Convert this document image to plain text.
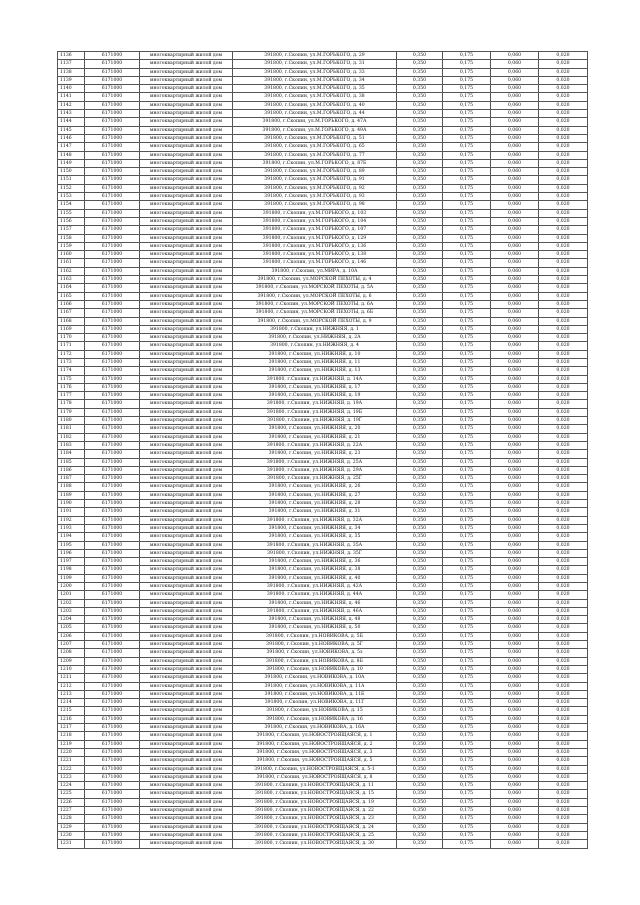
1136	6171000	многоквартирный жилой дом	391800, г.Скопин, ул.М.ГОРЬКОГО, д. 29	0,350	0,175	0,060	0,020
1137	6171000	многоквартирный жилой дом	391800, г.Скопин, ул.М.ГОРЬКОГО, д. 31	0,350	0,175	0,060	0,020
1138	6171000	многоквартирный жилой дом	391800, г.Скопин, ул.М.ГОРЬКОГО, д. 33	0,350	0,175	0,060	0,020
1139	6171000	многоквартирный жилой дом	391800, г.Скопин, ул.М.ГОРЬКОГО, д. 34	0,350	0,175	0,060	0,020
1140	6171000	многоквартирный жилой дом	391800, г.Скопин, ул.М.ГОРЬКОГО, д. 35	0,350	0,175	0,060	0,020
1141	6171000	многоквартирный жилой дом	391800, г.Скопин, ул.М.ГОРЬКОГО, д. 38	0,350	0,175	0,060	0,020
1142	6171000	многоквартирный жилой дом	391800, г.Скопин, ул.М.ГОРЬКОГО, д. 40	0,350	0,175	0,060	0,020
1143	6171000	многоквартирный жилой дом	391800, г.Скопин, ул.М.ГОРЬКОГО, д. 44	0,350	0,175	0,060	0,020
1144	6171000	многоквартирный жилой дом	391800, г.Скопин, ул.М.ГОРЬКОГО, д. 47А	0,350	0,175	0,060	0,020
1145	6171000	многоквартирный жилой дом	391800, г.Скопин, ул.М.ГОРЬКОГО, д. 49А	0,350	0,175	0,060	0,020
1146	6171000	многоквартирный жилой дом	391800, г.Скопин, ул.М.ГОРЬКОГО, д. 51	0,350	0,175	0,060	0,020
1147	6171000	многоквартирный жилой дом	391800, г.Скопин, ул.М.ГОРЬКОГО, д. 65	0,350	0,175	0,060	0,020
1148	6171000	многоквартирный жилой дом	391800, г.Скопин, ул.М.ГОРЬКОГО, д. 77	0,350	0,175	0,060	0,020
1149	6171000	многоквартирный жилой дом	391800, г.Скопин, ул.М.ГОРЬКОГО, д. 87Б	0,350	0,175	0,060	0,020
1150	6171000	многоквартирный жилой дом	391800, г.Скопин, ул.М.ГОРЬКОГО, д. 89	0,350	0,175	0,060	0,020
1151	6171000	многоквартирный жилой дом	391800, г.Скопин, ул.М.ГОРЬКОГО, д. 91	0,350	0,175	0,060	0,020
1152	6171000	многоквартирный жилой дом	391800, г.Скопин, ул.М.ГОРЬКОГО, д. 92	0,350	0,175	0,060	0,020
1153	6171000	многоквартирный жилой дом	391800, г.Скопин, ул.М.ГОРЬКОГО, д. 93	0,350	0,175	0,060	0,020
1154	6171000	многоквартирный жилой дом	391800, г.Скопин, ул.М.ГОРЬКОГО, д. 98	0,350	0,175	0,060	0,020
1155	6171000	многоквартирный жилой дом	391800, г.Скопин, ул.М.ГОРЬКОГО, д. 103	0,350	0,175	0,060	0,020
1156	6171000	многоквартирный жилой дом	391800, г.Скопин, ул.М.ГОРЬКОГО, д. 104	0,350	0,175	0,060	0,020
1157	6171000	многоквартирный жилой дом	391800, г.Скопин, ул.М.ГОРЬКОГО, д. 107	0,350	0,175	0,060	0,020
1158	6171000	многоквартирный жилой дом	391800, г.Скопин, ул.М.ГОРЬКОГО, д. 129	0,350	0,175	0,060	0,020
1159	6171000	многоквартирный жилой дом	391800, г.Скопин, ул.М.ГОРЬКОГО, д. 136	0,350	0,175	0,060	0,020
1160	6171000	многоквартирный жилой дом	391800, г.Скопин, ул.М.ГОРЬКОГО, д. 138	0,350	0,175	0,060	0,020
1161	6171000	многоквартирный жилой дом	391800, г.Скопин, ул.М.ГОРЬКОГО, д. 146	0,350	0,175	0,060	0,020
1162	6171000	многоквартирный жилой дом	391800, г.Скопин, ул.МИРА, д. 10А	0,350	0,175	0,060	0,020
1163	6171000	многоквартирный жилой дом	391800, г.Скопин, ул.МОРСКОЙ ПЕХОТЫ, д. 4	0,350	0,175	0,060	0,020
1164	6171000	многоквартирный жилой дом	391800, г.Скопин, ул.МОРСКОЙ ПЕХОТЫ, д. 5А	0,350	0,175	0,060	0,020
1165	6171000	многоквартирный жилой дом	391800, г.Скопин, ул.МОРСКОЙ ПЕХОТЫ, д. 6	0,350	0,175	0,060	0,020
1166	6171000	многоквартирный жилой дом	391800, г.Скопин, ул.МОРСКОЙ ПЕХОТЫ, д. 6А	0,350	0,175	0,060	0,020
1167	6171000	многоквартирный жилой дом	391800, г.Скопин, ул.МОРСКОЙ ПЕХОТЫ, д. 6Б	0,350	0,175	0,060	0,020
1168	6171000	многоквартирный жилой дом	391800, г.Скопин, ул.МОРСКОЙ ПЕХОТЫ, д. 9	0,350	0,175	0,060	0,020
1169	6171000	многоквартирный жилой дом	391800, г.Скопин, ул.НИЖНЯЯ, д. 1	0,350	0,175	0,060	0,020
1170	6171000	многоквартирный жилой дом	391800, г.Скопин, ул.НИЖНЯЯ, д. 2А	0,350	0,175	0,060	0,020
1171	6171000	многоквартирный жилой дом	391800, г.Скопин, ул.НИЖНЯЯ, д. 4	0,350	0,175	0,060	0,020
1172	6171000	многоквартирный жилой дом	391800, г.Скопин, ул.НИЖНЯЯ, д. 10	0,350	0,175	0,060	0,020
1173	6171000	многоквартирный жилой дом	391800, г.Скопин, ул.НИЖНЯЯ, д. 11	0,350	0,175	0,060	0,020
1174	6171000	многоквартирный жилой дом	391800, г.Скопин, ул.НИЖНЯЯ, д. 13	0,350	0,175	0,060	0,020
1175	6171000	многоквартирный жилой дом	391800, г.Скопин, ул.НИЖНЯЯ, д. 14А	0,350	0,175	0,060	0,020
1176	6171000	многоквартирный жилой дом	391800, г.Скопин, ул.НИЖНЯЯ, д. 17	0,350	0,175	0,060	0,020
1177	6171000	многоквартирный жилой дом	391800, г.Скопин, ул.НИЖНЯЯ, д. 19	0,350	0,175	0,060	0,020
1178	6171000	многоквартирный жилой дом	391800, г.Скопин, ул.НИЖНЯЯ, д. 19А	0,350	0,175	0,060	0,020
1179	6171000	многоквартирный жилой дом	391800, г.Скопин, ул.НИЖНЯЯ, д. 19Б	0,350	0,175	0,060	0,020
1180	6171000	многоквартирный жилой дом	391800, г.Скопин, ул.НИЖНЯЯ, д. 19Г	0,350	0,175	0,060	0,020
1181	6171000	многоквартирный жилой дом	391800, г.Скопин, ул.НИЖНЯЯ, д. 20	0,350	0,175	0,060	0,020
1182	6171000	многоквартирный жилой дом	391800, г.Скопин, ул.НИЖНЯЯ, д. 21	0,350	0,175	0,060	0,020
1183	6171000	многоквартирный жилой дом	391800, г.Скопин, ул.НИЖНЯЯ, д. 22А	0,350	0,175	0,060	0,020
1184	6171000	многоквартирный жилой дом	391800, г.Скопин, ул.НИЖНЯЯ, д. 23	0,350	0,175	0,060	0,020
1185	6171000	многоквартирный жилой дом	391800, г.Скопин, ул.НИЖНЯЯ, д. 25А	0,350	0,175	0,060	0,020
1186	6171000	многоквартирный жилой дом	391800, г.Скопин, ул.НИЖНЯЯ, д. 29А	0,350	0,175	0,060	0,020
1187	6171000	многоквартирный жилой дом	391800, г.Скопин, ул.НИЖНЯЯ, д. 25Г	0,350	0,175	0,060	0,020
1188	6171000	многоквартирный жилой дом	391800, г.Скопин, ул.НИЖНЯЯ, д. 26	0,350	0,175	0,060	0,020
1189	6171000	многоквартирный жилой дом	391800, г.Скопин, ул.НИЖНЯЯ, д. 27	0,350	0,175	0,060	0,020
1190	6171000	многоквартирный жилой дом	391800, г.Скопин, ул.НИЖНЯЯ, д. 28	0,350	0,175	0,060	0,020
1191	6171000	многоквартирный жилой дом	391800, г.Скопин, ул.НИЖНЯЯ, д. 31	0,350	0,175	0,060	0,020
1192	6171000	многоквартирный жилой дом	391800, г.Скопин, ул.НИЖНЯЯ, д. 32А	0,350	0,175	0,060	0,020
1193	6171000	многоквартирный жилой дом	391800, г.Скопин, ул.НИЖНЯЯ, д. 34	0,350	0,175	0,060	0,020
1194	6171000	многоквартирный жилой дом	391800, г.Скопин, ул.НИЖНЯЯ, д. 35	0,350	0,175	0,060	0,020
1195	6171000	многоквартирный жилой дом	391800, г.Скопин, ул.НИЖНЯЯ, д. 35А	0,350	0,175	0,060	0,020
1196	6171000	многоквартирный жилой дом	391800, г.Скопин, ул.НИЖНЯЯ, д. 35Г	0,350	0,175	0,060	0,020
1197	6171000	многоквартирный жилой дом	391800, г.Скопин, ул.НИЖНЯЯ, д. 36	0,350	0,175	0,060	0,020
1198	6171000	многоквартирный жилой дом	391800, г.Скопин, ул.НИЖНЯЯ, д. 38	0,350	0,175	0,060	0,020
1199	6171000	многоквартирный жилой дом	391800, г.Скопин, ул.НИЖНЯЯ, д. 40	0,350	0,175	0,060	0,020
1200	6171000	многоквартирный жилой дом	391800, г.Скопин, ул.НИЖНЯЯ, д. 42А	0,350	0,175	0,060	0,020
1201	6171000	многоквартирный жилой дом	391800, г.Скопин, ул.НИЖНЯЯ, д. 44А	0,350	0,175	0,060	0,020
1202	6171000	многоквартирный жилой дом	391800, г.Скопин, ул.НИЖНЯЯ, д. 46	0,350	0,175	0,060	0,020
1203	6171000	многоквартирный жилой дом	391800, г.Скопин, ул.НИЖНЯЯ, д. 46А	0,350	0,175	0,060	0,020
1204	6171000	многоквартирный жилой дом	391800, г.Скопин, ул.НИЖНЯЯ, д. 48	0,350	0,175	0,060	0,020
1205	6171000	многоквартирный жилой дом	391800, г.Скопин, ул.НИЖНЯЯ, д. 50	0,350	0,175	0,060	0,020
1206	6171000	многоквартирный жилой дом	391800, г.Скопин, ул.НОВИКОВА, д. 5Б	0,350	0,175	0,060	0,020
1207	6171000	многоквартирный жилой дом	391800, г.Скопин, ул.НОВИКОВА, д. 5Г	0,350	0,175	0,060	0,020
1208	6171000	многоквартирный жилой дом	391800, г.Скопин, ул.НОВИКОВА, д. 5з	0,350	0,175	0,060	0,020
1209	6171000	многоквартирный жилой дом	391800, г.Скопин, ул.НОВИКОВА, д. 8Б	0,350	0,175	0,060	0,020
1210	6171000	многоквартирный жилой дом	391800, г.Скопин, ул.НОВИКОВА, д. 10	0,350	0,175	0,060	0,020
1211	6171000	многоквартирный жилой дом	391800, г.Скопин, ул.НОВИКОВА, д. 10А	0,350	0,175	0,060	0,020
1212	6171000	многоквартирный жилой дом	391800, г.Скопин, ул.НОВИКОВА, д. 11А	0,350	0,175	0,060	0,020
1213	6171000	многоквартирный жилой дом	391800, г.Скопин, ул.НОВИКОВА, д. 11Б	0,350	0,175	0,060	0,020
1214	6171000	многоквартирный жилой дом	391800, г.Скопин, ул.НОВИКОВА, д. 11Г	0,350	0,175	0,060	0,020
1215	6171000	многоквартирный жилой дом	391800, г.Скопин, ул.НОВИКОВА, д. 15	0,350	0,175	0,060	0,020
1216	6171000	многоквартирный жилой дом	391800, г.Скопин, ул.НОВИКОВА, д. 16	0,350	0,175	0,060	0,020
1217	6171000	многоквартирный жилой дом	391800, г.Скопин, ул.НОВИКОВА, д. 16А	0,350	0,175	0,060	0,020
1218	6171000	многоквартирный жилой дом	391800, г.Скопин, ул.НОВОСТРОЯЩАЯСЯ, д. 1	0,350	0,175	0,060	0,020
1219	6171000	многоквартирный жилой дом	391800, г.Скопин, ул.НОВОСТРОЯЩАЯСЯ, д. 2	0,350	0,175	0,060	0,020
1220	6171000	многоквартирный жилой дом	391800, г.Скопин, ул.НОВОСТРОЯЩАЯСЯ, д. 3	0,350	0,175	0,060	0,020
1221	6171000	многоквартирный жилой дом	391800, г.Скопин, ул.НОВОСТРОЯЩАЯСЯ, д. 5	0,350	0,175	0,060	0,020
1222	6171000	многоквартирный жилой дом	391800, г.Скопин, ул.НОВОСТРОЯЩАЯСЯ, д. 5-1	0,350	0,175	0,060	0,020
1223	6171000	многоквартирный жилой дом	391800, г.Скопин, ул.НОВОСТРОЯЩАЯСЯ, д. 8	0,350	0,175	0,060	0,020
1224	6171000	многоквартирный жилой дом	391800, г.Скопин, ул.НОВОСТРОЯЩАЯСЯ, д. 11	0,350	0,175	0,060	0,020
1225	6171000	многоквартирный жилой дом	391800, г.Скопин, ул.НОВОСТРОЯЩАЯСЯ, д. 15	0,350	0,175	0,060	0,020
1226	6171000	многоквартирный жилой дом	391800, г.Скопин, ул.НОВОСТРОЯЩАЯСЯ, д. 19	0,350	0,175	0,060	0,020
1227	6171000	многоквартирный жилой дом	391800, г.Скопин, ул.НОВОСТРОЯЩАЯСЯ, д. 22	0,350	0,175	0,060	0,020
1228	6171000	многоквартирный жилой дом	391800, г.Скопин, ул.НОВОСТРОЯЩАЯСЯ, д. 23	0,350	0,175	0,060	0,020
1229	6171000	многоквартирный жилой дом	391800, г.Скопин, ул.НОВОСТРОЯЩАЯСЯ, д. 24	0,350	0,175	0,060	0,020
1230	6171000	многоквартирный жилой дом	391800, г.Скопин, ул.НОВОСТРОЯЩАЯСЯ, д. 25	0,350	0,175	0,060	0,020
1231	6171000	многоквартирный жилой дом	391800, г.Скопин, ул.НОВОСТРОЯЩАЯСЯ, д. 30	0,350	0,175	0,060	0,020
